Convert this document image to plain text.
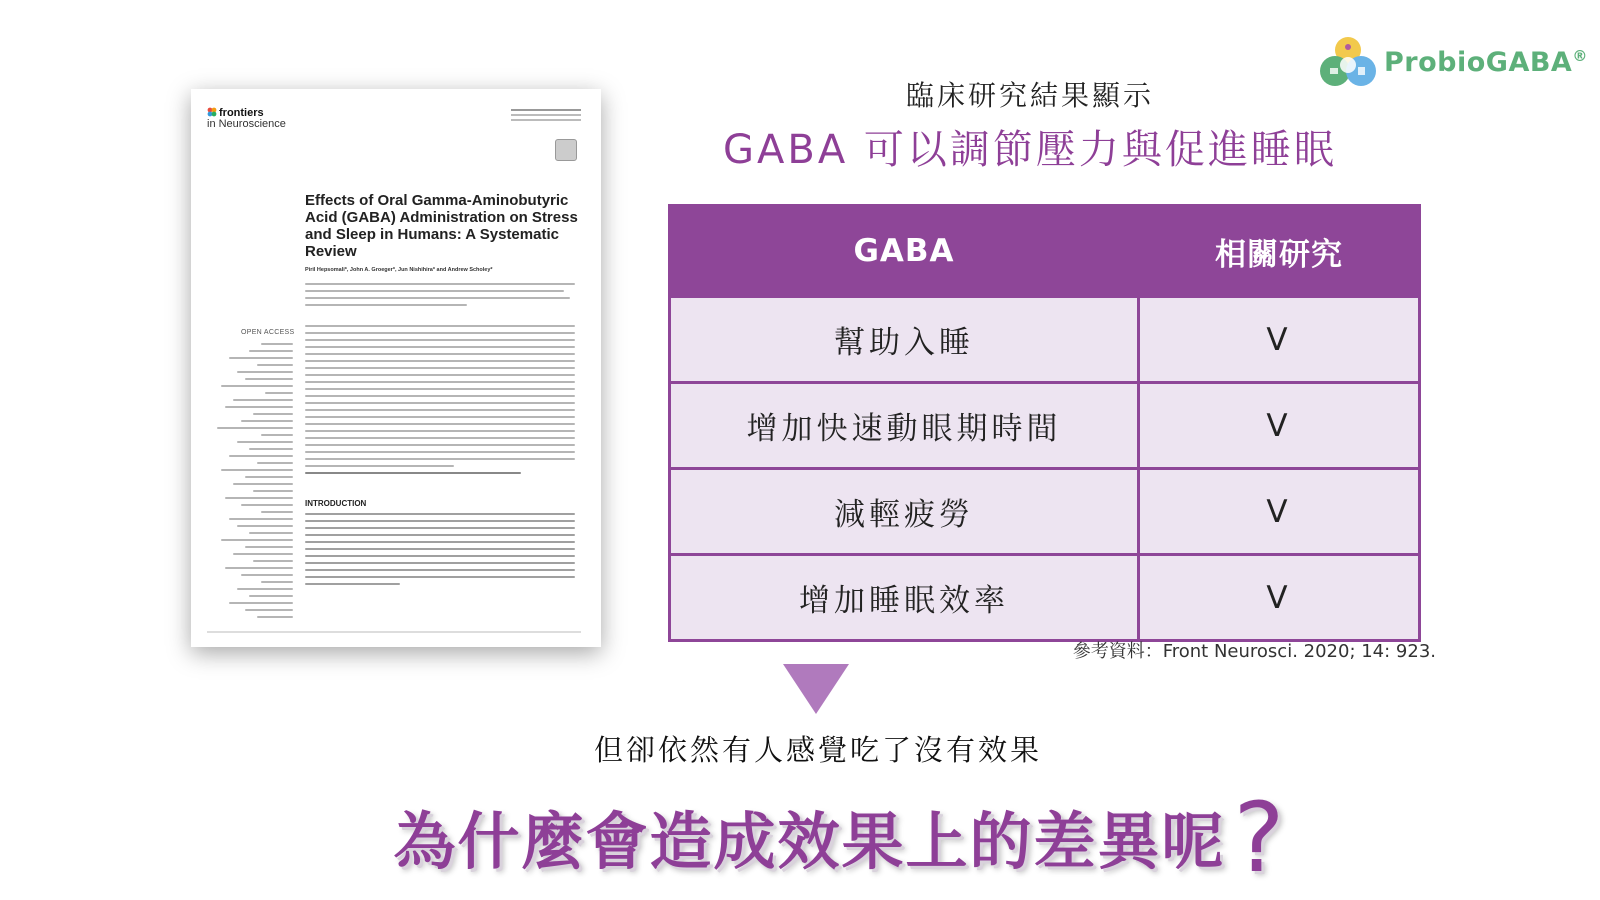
ProbioGABA®
frontiers
in Neuroscience
Effects of Oral Gamma-Aminobutyric Acid (GABA) Administration on Stress and Sleep in Humans: A Systematic Review
Piril Hepsomali*, John A. Groeger*, Jun Nishihira* and Andrew Scholey*
OPEN ACCESS
INTRODUCTION
臨床研究結果顯示
GABA 可以調節壓力與促進睡眠
GABA	相關研究
幫助入睡	V
增加快速動眼期時間	V
減輕疲勞	V
增加睡眠效率	V
參考資料：Front Neurosci. 2020; 14: 923.
但卻依然有人感覺吃了沒有效果
為什麼會造成效果上的差異呢?
